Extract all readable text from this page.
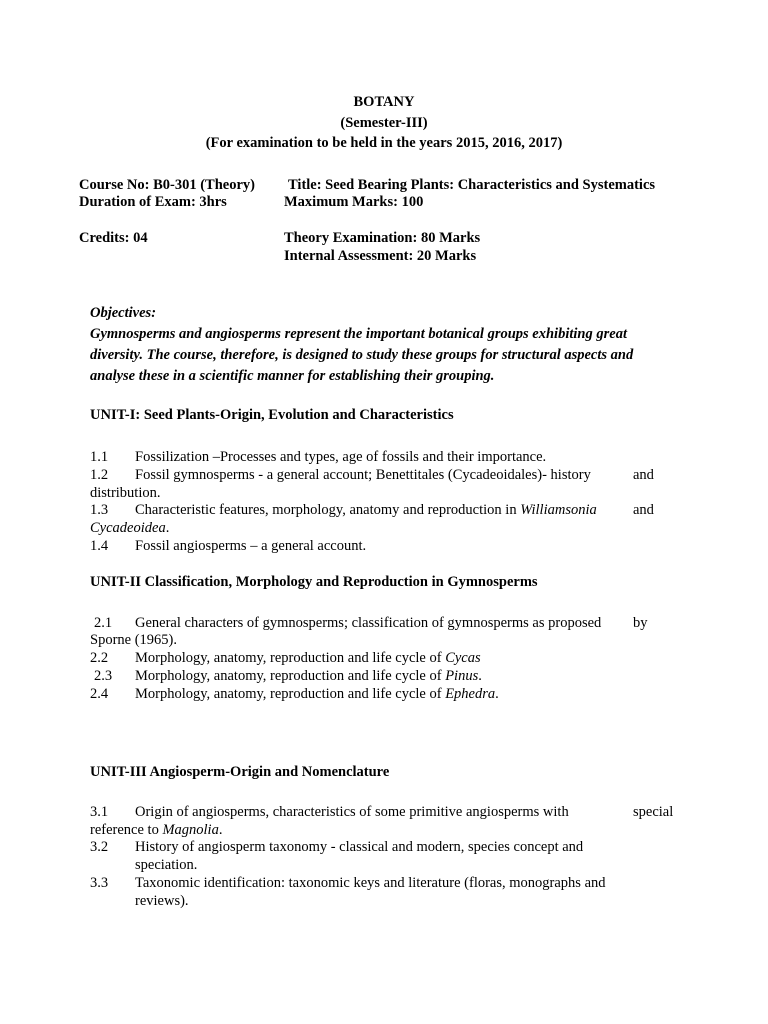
BOTANY
(Semester-III)
(For examination to be held in the years 2015, 2016, 2017)
Course No: B0-301 (Theory) Title: Seed Bearing Plants: Characteristics and Systematics
Duration of Exam: 3hrs	Maximum Marks: 100
Credits: 04	Theory Examination: 80 Marks
Internal Assessment: 20 Marks
Objectives:
Gymnosperms and angiosperms represent the important botanical groups exhibiting great
diversity. The course, therefore, is designed to study these groups for structural aspects and
analyse these in a scientific manner for establishing their grouping.
UNIT-I: Seed Plants-Origin, Evolution and Characteristics
1.1 Fossilization –Processes and types, age of fossils and their importance.
1.2 Fossil gymnosperms - a general account; Benettitales (Cycadeoidales)- history	and
distribution.
1.3 Characteristic features, morphology, anatomy and reproduction in Williamsonia	and
Cycadeoidea.
1.4 Fossil angiosperms – a general account.
UNIT-II Classification, Morphology and Reproduction in Gymnosperms
2.1 General characters of gymnosperms; classification of gymnosperms as proposed by
Sporne (1965).
2.2 Morphology, anatomy, reproduction and life cycle of Cycas
2.3 Morphology, anatomy, reproduction and life cycle of Pinus.
2.4 Morphology, anatomy, reproduction and life cycle of Ephedra.
UNIT-III Angiosperm-Origin and Nomenclature
3.1 Origin of angiosperms, characteristics of some primitive angiosperms with	special
reference to Magnolia.
3.2 History of angiosperm taxonomy - classical and modern, species concept and
speciation.
3.3 Taxonomic identification: taxonomic keys and literature (floras, monographs and
reviews).
